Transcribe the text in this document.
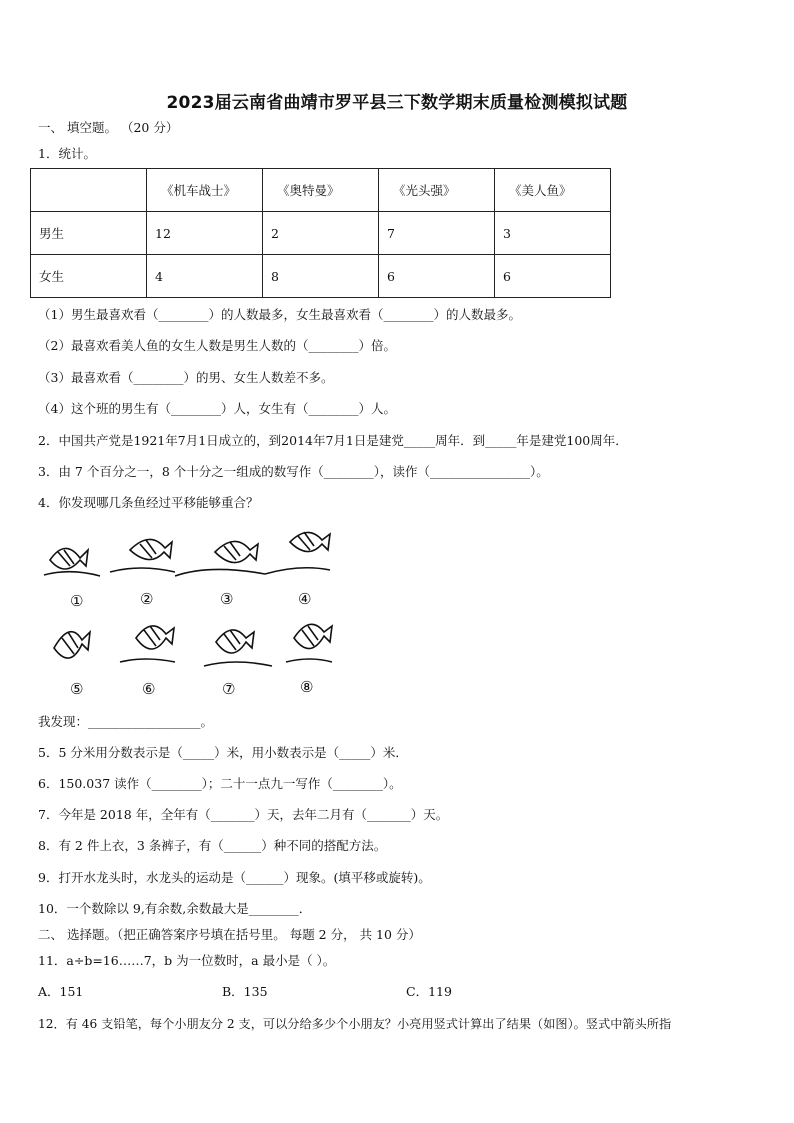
2023届云南省曲靖市罗平县三下数学期末质量检测模拟试题
一、 填空题。 （20 分）
1．统计。
	《机车战士》	《奥特曼》	《光头强》	《美人鱼》
男生	12	2	7	3
女生	4	8	6	6
（1）男生最喜欢看（________）的人数最多，女生最喜欢看（________）的人数最多。
（2）最喜欢看美人鱼的女生人数是男生人数的（________）倍。
（3）最喜欢看（________）的男、女生人数差不多。
（4）这个班的男生有（________）人，女生有（________）人。
2．中国共产党是1921年7月1日成立的，到2014年7月1日是建党_____周年．到_____年是建党100周年．
3．由 7 个百分之一，8 个十分之一组成的数写作（________），读作（________________）。
4．你发现哪几条鱼经过平移能够重合？
①	②	③	④
⑤	⑥	⑦	⑧
我发现：__________________。
5．5 分米用分数表示是（_____）米，用小数表示是（_____）米．
6．150.037 读作（________）；二十一点九一写作（________）。
7．今年是 2018 年，全年有（_______）天，去年二月有（_______）天。
8．有 2 件上衣，3 条裤子，有（______）种不同的搭配方法。
9．打开水龙头时，水龙头的运动是（______）现象。(填平移或旋转)。
10．一个数除以 9,有余数,余数最大是________．
二、 选择题。（把正确答案序号填在括号里。 每题 2 分， 共 10 分）
11．a÷b=16……7，b 为一位数时，a 最小是（ ）。
A．151	B．135	C．119
12．有 46 支铅笔，每个小朋友分 2 支，可以分给多少个小朋友？小亮用竖式计算出了结果（如图）。竖式中箭头所指
